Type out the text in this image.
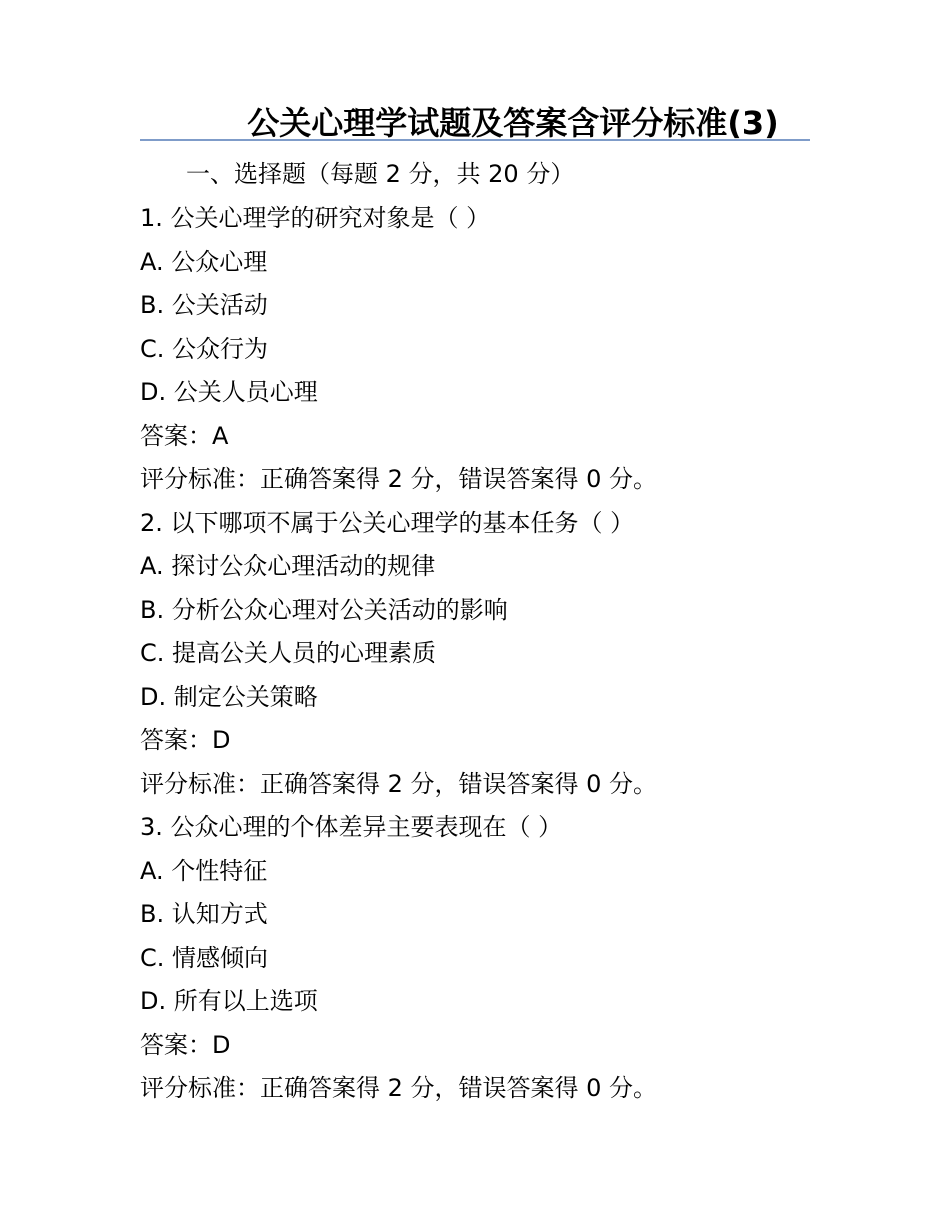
公关心理学试题及答案含评分标准(3)
一、选择题（每题 2 分，共 20 分）
1. 公关心理学的研究对象是（ ）
A. 公众心理
B. 公关活动
C. 公众行为
D. 公关人员心理
答案：A
评分标准：正确答案得 2 分，错误答案得 0 分。
2. 以下哪项不属于公关心理学的基本任务（ ）
A. 探讨公众心理活动的规律
B. 分析公众心理对公关活动的影响
C. 提高公关人员的心理素质
D. 制定公关策略
答案：D
评分标准：正确答案得 2 分，错误答案得 0 分。
3. 公众心理的个体差异主要表现在（ ）
A. 个性特征
B. 认知方式
C. 情感倾向
D. 所有以上选项
答案：D
评分标准：正确答案得 2 分，错误答案得 0 分。
